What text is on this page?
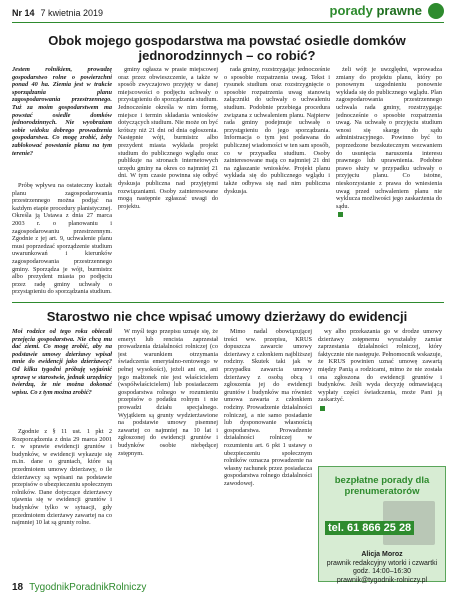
Nr 14 7 kwietnia 2019	porady prawne
Obok mojego gospodarstwa ma powstać osiedle domków jednorodzinnych – co robić?

Jestem rolnikiem, prowadzę gospodarstwo rolne o powierzchni ponad 40 ha. Ziemia jest w trakcie sporządzania planu zagospodarowania przestrzennego. Tuż za moim gospodarstwem ma powstać osiedle domków jednorodzinnych. Nie wyobrażam sobie widoku dobrego prowadzenia gospodarstwa. Co mogę zrobić, żeby zablokować powstanie planu na tym terenie?

Próbę wpływu na ostateczny kształt planu zagospodarowania przestrzennego można podjąć na każdym etapie procedury planistycznej. Określa ją Ustawa z dnia 27 marca 2003 r. o planowaniu i zagospodarowaniu przestrzennym. Zgodnie z jej art. 9, uchwalenie planu musi poprzedzać sporządzenie studium uwarunkowań i kierunków zagospodarowania przestrzennego gminy. Sporządza je wójt, burmistrz albo prezydent miasta po podjęciu przez radę gminy uchwały o przystąpieniu do sporządzania studium.

gminy ogłasza w prasie miejscowej oraz przez obwieszczenie, a także w sposób zwyczajowo przyjęty w danej miejscowości o podjęciu uchwały o przystąpieniu do sporządzania studium. Jednocześnie określa w nim formę, miejsce i termin składania wniosków dotyczących studium. Nie może on być krótszy niż 21 dni od dnia ogłoszenia. Następnie wójt, burmistrz albo prezydent miasta wykłada projekt studium do publicznego wglądu oraz publikuje na stronach internetowych urzędu gminy na okres co najmniej 21 dni. W tym czasie powinna się odbyć dyskusja publiczna nad przyjętymi rozwiązaniami. Osoby zainteresowane mogą następnie zgłaszać uwagi do projektu.

rada gminy, rozstrzygając jednocześnie o sposobie rozpatrzenia uwag. Tekst i rysunek studium oraz rozstrzygnięcie o sposobie rozpatrzenia uwag stanowią załączniki do uchwały o uchwaleniu studium. Podobnie przebiega procedura związana z uchwaleniem planu. Najpierw rada gminy podejmuje uchwałę o przystąpieniu do jego sporządzania. Informacja o tym jest podawana do publicznej wiadomości w ten sam sposób, co w przypadku studium. Osoby zainteresowane mają co najmniej 21 dni na zgłaszanie wniosków. Projekt planu wykłada się do publicznego wglądu i także odbywa się nad nim publiczna dyskusja.

żeli wójt je uwzględni, wprowadza zmiany do projektu planu, który po ponownym uzgodnieniu ponownie wykłada się do publicznego wglądu. Plan zagospodarowania przestrzennego uchwala rada gminy, rozstrzygając jednocześnie o sposobie rozpatrzenia uwag. Na uchwałę o przyjęciu studium wnosi się skargę do sądu administracyjnego. Powinno być to poprzedzone bezskutecznym wezwaniem do usunięcia naruszenia interesu prawnego lub uprawnienia. Podobne prawo służy w przypadku uchwały o przyjęciu planu. Co istotne, nieskorzystanie z prawa do wniesienia uwag przed uchwaleniem planu nie wyklucza możliwości jego zaskarżenia do sądu.

Starostwo nie chce wpisać umowy dzierżawy do ewidencji

Moi rodzice od tego roku obiecali przejęcia gospodarstwa. Nie chcą mu dać ziemi. Co mogę zrobić, aby na podstawie umowy dzierżawy wpisał mnie do ewidencji jako dzierżawcę? Od kilku tygodni próbuję wyjaśnić sprawę w starostwie, jednak urzędnicy twierdzą, że nie można dokonać wpisu. Co z tym można zrobić?

Zgodnie z § 11 ust. 1 pkt 2 Rozporządzenia z dnia 29 marca 2001 r. w sprawie ewidencji gruntów i budynków, w ewidencji wykazuje się m.in. dane o gruntach, które są przedmiotem umowy dzierżawy, o ile dzierżawcy są wpisani na podstawie przepisów o ubezpieczeniu społecznym rolników. Dane dotyczące dzierżawcy ujawnia się w ewidencji gruntów i budynków tylko w sytuacji, gdy przedmiotem dzierżawy zawartej na co najmniej 10 lat są grunty rolne.

W myśl tego przepisu uznaje się, że emeryt lub rencista zaprzestał prowadzenia działalności rolniczej (co jest warunkiem otrzymania świadczenia emerytalno-rentowego w pełnej wysokości), jeżeli ani on, ani jego małżonek nie jest właścicielem (współwłaścicielem) lub posiadaczem gospodarstwa rolnego w rozumieniu przepisów o podatku rolnym i nie prowadzi działu specjalnego. Wyjątkiem są grunty wydzierżawione na podstawie umowy pisemnej zawartej co najmniej na 10 lat i zgłoszonej do ewidencji gruntów i budynków osobie niebędącej zstępnym.

Mimo nadal obowiązującej treści ww. przepisu, KRUS dopuszcza zawarcie umowy dzierżawy z członkiem najbliższej rodziny. Skutek taki jak w przypadku zawarcia umowy dzierżawy z osobą obcą i zgłoszenia jej do ewidencji gruntów i budynków ma również umowa zawarta z członkiem rodziny. Prowadzenie działalności rolniczej, a nie samo posiadanie lub dysponowanie własnością gospodarstwa. Prowadzenie działalności rolniczej w rozumieniu art. 6 pkt 1 ustawy o ubezpieczeniu społecznym rolników oznacza prowadzenie na własny rachunek przez posiadacza gospodarstwa rolnego działalności zawodowej.

wy albo przekazania go w drodze umowy dzierżawy zstępnemu wyrażałaby zamiar zaprzestania działalności rolniczej, który faktycznie nie następuje. Pełnomocnik wskazuje, że KRUS powinien uznać umowę zawartą między Panią a rodzicami, mimo że nie została ona zgłoszona do ewidencji gruntów i budynków. Jeśli wyda decyzję odmawiającą wypłaty części świadczenia, może Pani ją zaskarżyć.

bezpłatne porady dla prenumeratorów
tel. 61 866 25 28
Alicja Moroz
prawnik redakcyjny wtorki i czwartki
godz. 14:00–16:30
prawnik@tygodnik-rolniczy.pl
18 TygodnikPoradnikRolniczy
